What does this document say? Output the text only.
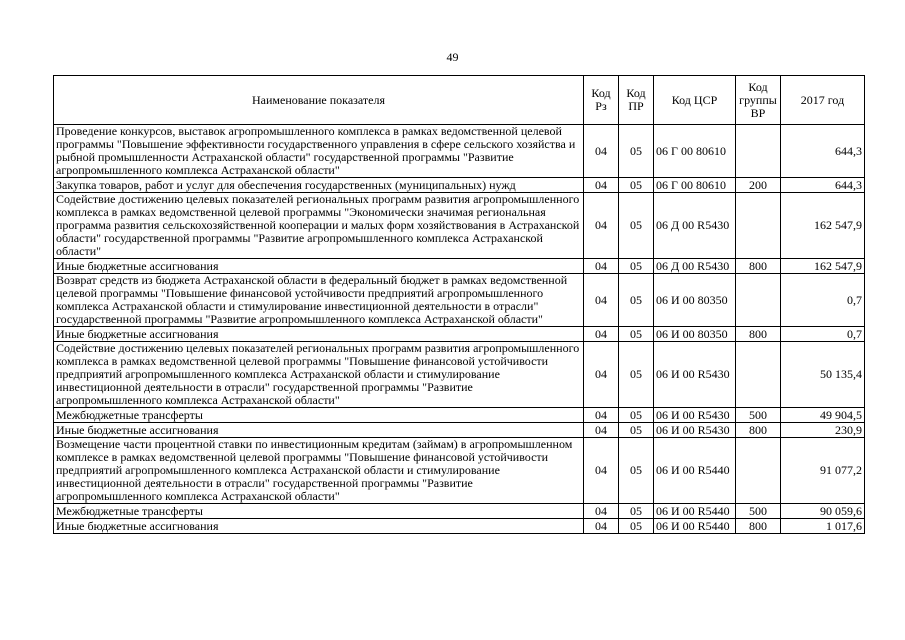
49
Наименование показателя	Код Рз	Код ПР	Код ЦСР	Код группы ВР	2017 год
Проведение конкурсов, выставок агропромышленного комплекса в рамках ведомственной целевой программы "Повышение эффективности государственного управления в сфере сельского хозяйства и рыбной промышленности Астраханской области" государственной программы "Развитие агропромышленного комплекса Астраханской области"	04	05	06 Г 00 80610		644,3
Закупка товаров, работ и услуг для обеспечения государственных (муниципальных) нужд	04	05	06 Г 00 80610	200	644,3
Содействие достижению целевых показателей региональных программ развития агропромышленного комплекса в рамках ведомственной целевой программы "Экономически значимая региональная программа развития сельскохозяйственной кооперации и малых форм хозяйствования в Астраханской области" государственной программы "Развитие агропромышленного комплекса Астраханской области"	04	05	06 Д 00 R5430		162 547,9
Иные бюджетные ассигнования	04	05	06 Д 00 R5430	800	162 547,9
Возврат средств из бюджета Астраханской области в федеральный бюджет в рамках ведомственной целевой программы "Повышение финансовой устойчивости предприятий агропромышленного комплекса Астраханской области и стимулирование инвестиционной деятельности в отрасли" государственной программы "Развитие агропромышленного комплекса Астраханской области"	04	05	06 И 00 80350		0,7
Иные бюджетные ассигнования	04	05	06 И 00 80350	800	0,7
Содействие достижению целевых показателей региональных программ развития агропромышленного комплекса в рамках ведомственной целевой программы "Повышение финансовой устойчивости предприятий агропромышленного комплекса Астраханской области и стимулирование инвестиционной деятельности в отрасли" государственной программы "Развитие агропромышленного комплекса Астраханской области"	04	05	06 И 00 R5430		50 135,4
Межбюджетные трансферты	04	05	06 И 00 R5430	500	49 904,5
Иные бюджетные ассигнования	04	05	06 И 00 R5430	800	230,9
Возмещение части процентной ставки по инвестиционным кредитам (займам) в агропромышленном комплексе в рамках ведомственной целевой программы "Повышение финансовой устойчивости предприятий агропромышленного комплекса Астраханской области и стимулирование инвестиционной деятельности в отрасли" государственной программы "Развитие агропромышленного комплекса Астраханской области"	04	05	06 И 00 R5440		91 077,2
Межбюджетные трансферты	04	05	06 И 00 R5440	500	90 059,6
Иные бюджетные ассигнования	04	05	06 И 00 R5440	800	1 017,6
